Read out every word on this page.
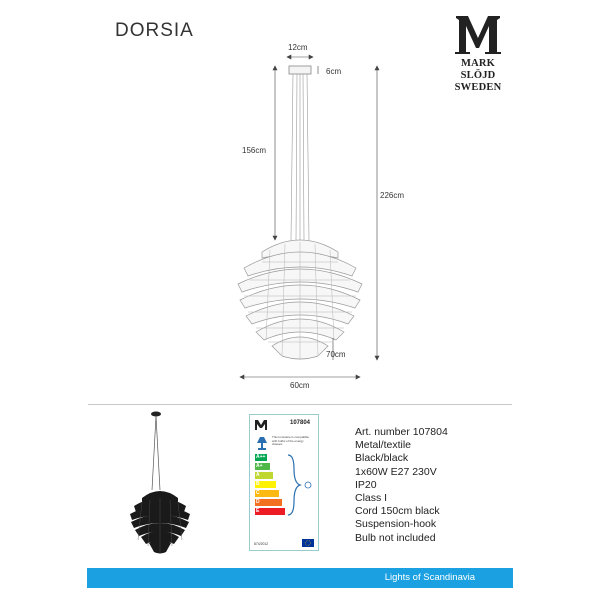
DORSIA
MARK
SLÖJD
SWEDEN
12cm
6cm
156cm
226cm
70cm
60cm
107804
This luminaire is compatible with bulbs of the energy classes:
A++
A+
A
B
C
D
E
874/2012
Art. number 107804
Metal/textile
Black/black
1x60W E27 230V
IP20
Class I
Cord 150cm black
Suspension-hook
Bulb not included
Lights of Scandinavia
